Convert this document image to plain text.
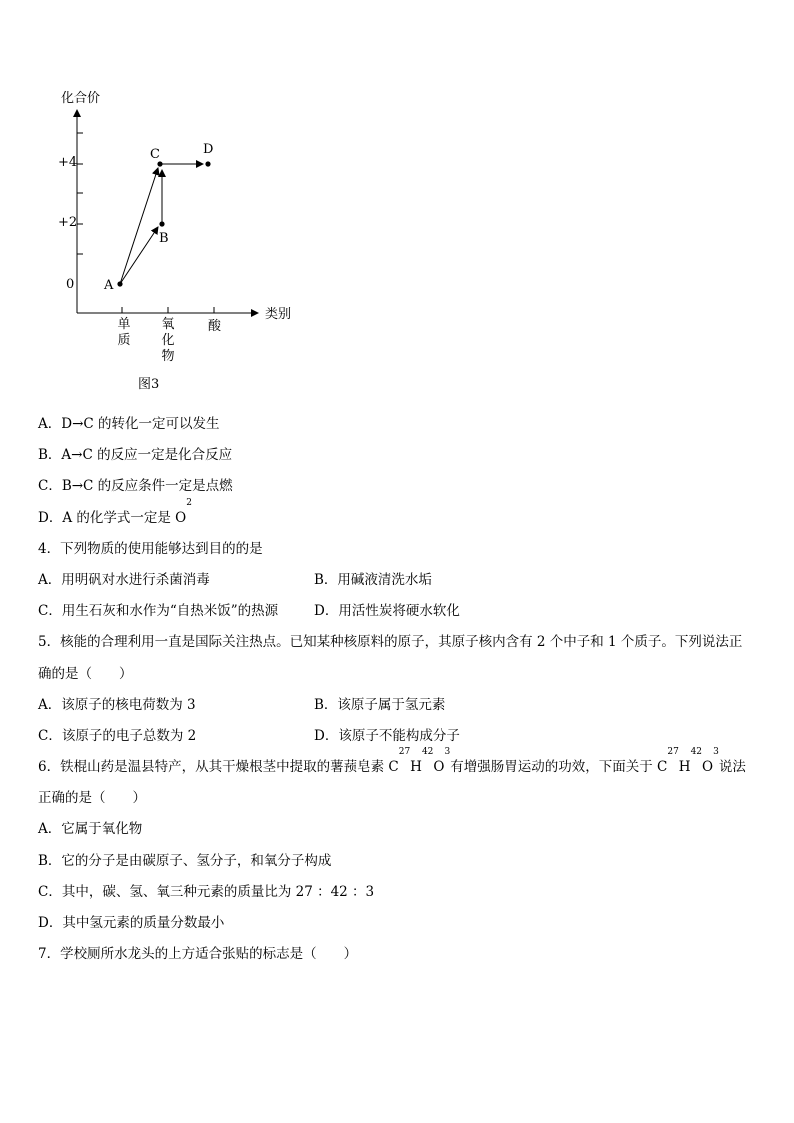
化合价
类别
+4
+2
0
单质
氧化物
酸
A
B
C	D
图3
A．D→C 的转化一定可以发生
B．A→C 的反应一定是化合反应
C．B→C 的反应条件一定是点燃
D．A 的化学式一定是 O
2
4．下列物质的使用能够达到目的的是
A．用明矾对水进行杀菌消毒	B．用碱液清洗水垢
C．用生石灰和水作为“自热米饭”的热源	D．用活性炭将硬水软化
5．核能的合理利用一直是国际关注热点。已知某种核原料的原子，其原子核内含有 2 个中子和 1 个质子。下列说法正
确的是（　　）
A．该原子的核电荷数为 3	B．该原子属于氢元素
C．该原子的电子总数为 2	D．该原子不能构成分子
6．铁棍山药是温县特产，从其干燥根茎中提取的薯蓣皂素 C
27
H
42
O
3
有增强肠胃运动的功效，下面关于 C
27
H
42
O
3
说法
正确的是（　　）
A．它属于氧化物
B．它的分子是由碳原子、氢分子，和氧分子构成
C．其中，碳、氢、氧三种元素的质量比为 27 ：42 ：3
D．其中氢元素的质量分数最小
7．学校厕所水龙头的上方适合张贴的标志是（　　）
